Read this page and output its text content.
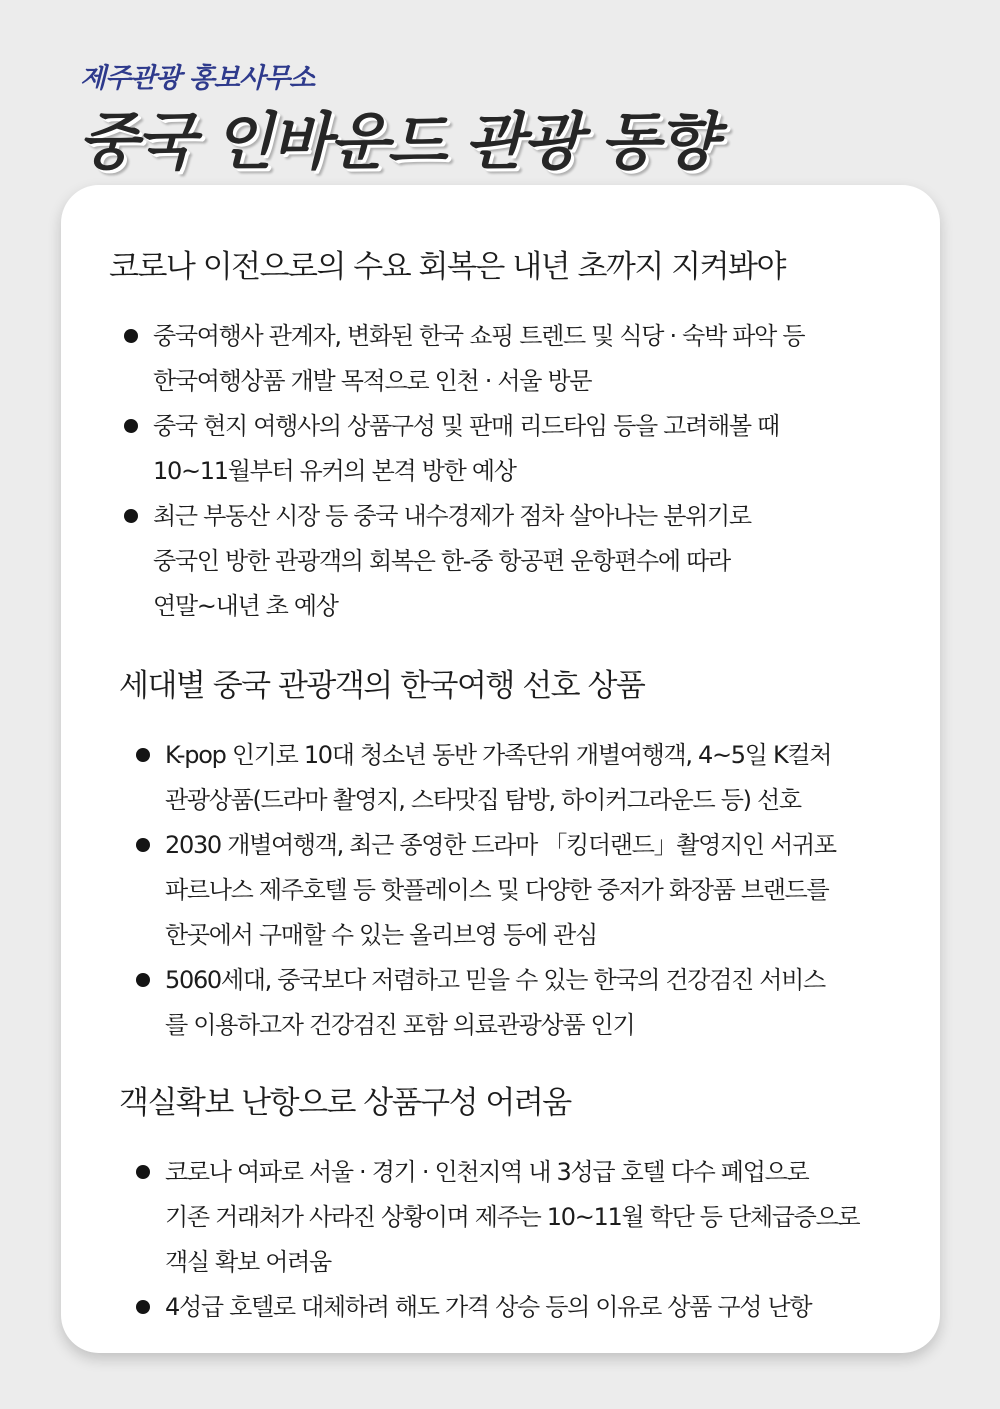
제주관광 홍보사무소
중국 인바운드 관광 동향
코로나 이전으로의 수요 회복은 내년 초까지 지켜봐야
중국여행사 관계자, 변화된 한국 쇼핑 트렌드 및 식당 · 숙박 파악 등
한국여행상품 개발 목적으로 인천 · 서울 방문
중국 현지 여행사의 상품구성 및 판매 리드타임 등을 고려해볼 때
10~11월부터 유커의 본격 방한 예상
최근 부동산 시장 등 중국 내수경제가 점차 살아나는 분위기로
중국인 방한 관광객의 회복은 한-중 항공편 운항편수에 따라
연말~내년 초 예상
세대별 중국 관광객의 한국여행 선호 상품
K-pop 인기로 10대 청소년 동반 가족단위 개별여행객, 4~5일 K컬처
관광상품(드라마 촬영지, 스타맛집 탐방, 하이커그라운드 등) 선호
2030 개별여행객, 최근 종영한 드라마 「킹더랜드」촬영지인 서귀포
파르나스 제주호텔 등 핫플레이스 및 다양한 중저가 화장품 브랜드를
한곳에서 구매할 수 있는 올리브영 등에 관심
5060세대, 중국보다 저렴하고 믿을 수 있는 한국의 건강검진 서비스
를 이용하고자 건강검진 포함 의료관광상품 인기
객실확보 난항으로 상품구성 어려움
코로나 여파로 서울 · 경기 · 인천지역 내 3성급 호텔 다수 폐업으로
기존 거래처가 사라진 상황이며 제주는 10~11월 학단 등 단체급증으로
객실 확보 어려움
4성급 호텔로 대체하려 해도 가격 상승 등의 이유로 상품 구성 난항
